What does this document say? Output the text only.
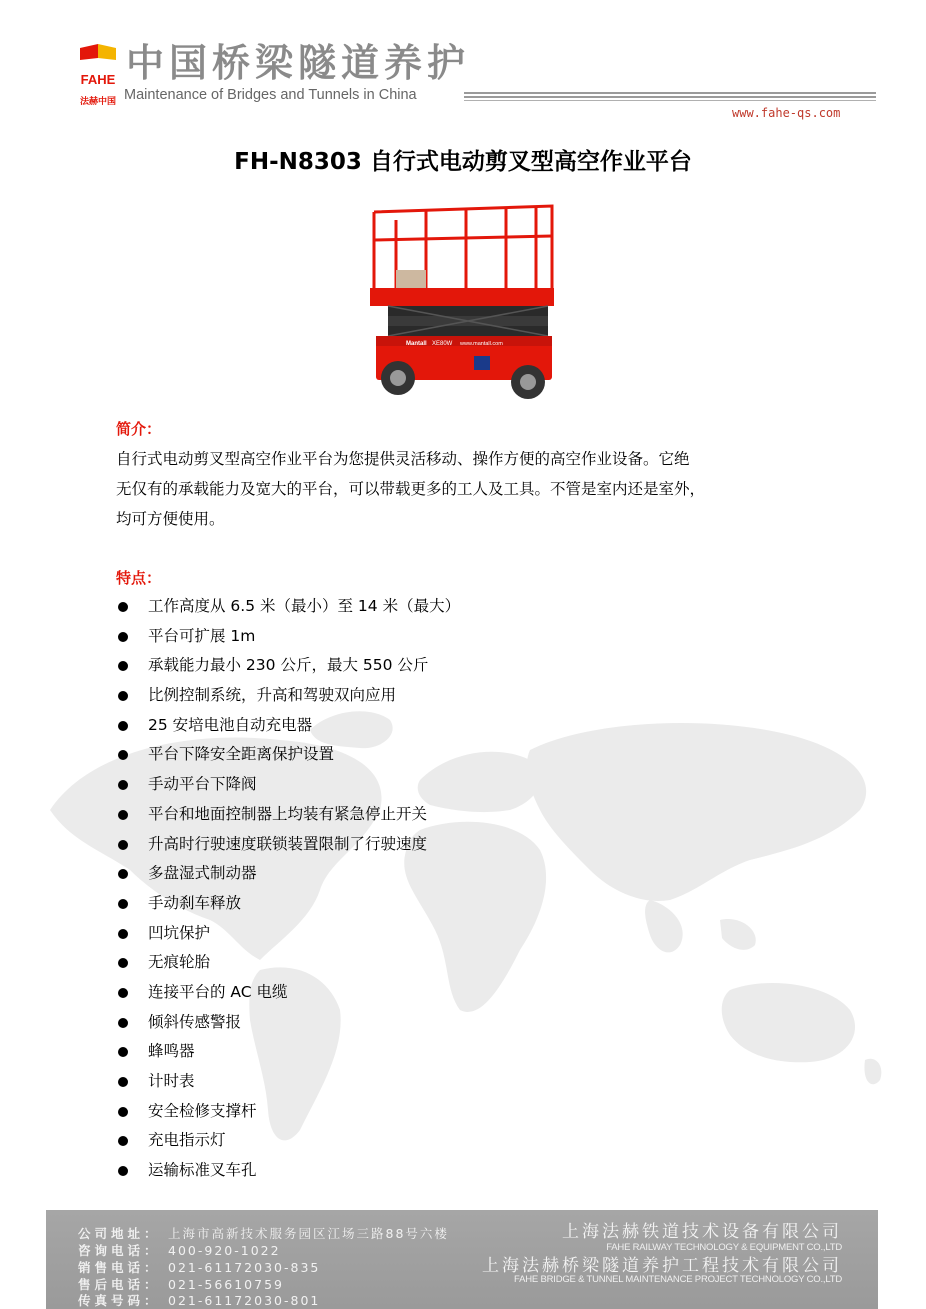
FAHE
法赫中国
中国桥梁隧道养护
Maintenance of Bridges and Tunnels in China
www.fahe-qs.com
FH-N8303 自行式电动剪叉型高空作业平台
Mantall XE80W www.mantall.com
简介：
自行式电动剪叉型高空作业平台为您提供灵活移动、操作方便的高空作业设备。它绝
无仅有的承载能力及宽大的平台，可以带载更多的工人及工具。不管是室内还是室外，
均可方便使用。
特点：
工作高度从 6.5 米（最小）至 14 米（最大）
平台可扩展 1m
承载能力最小 230 公斤，最大 550 公斤
比例控制系统，升高和驾驶双向应用
25 安培电池自动充电器
平台下降安全距离保护设置
手动平台下降阀
平台和地面控制器上均装有紧急停止开关
升高时行驶速度联锁装置限制了行驶速度
多盘湿式制动器
手动刹车释放
凹坑保护
无痕轮胎
连接平台的 AC 电缆
倾斜传感警报
蜂鸣器
计时表
安全检修支撑杆
充电指示灯
运输标准叉车孔
公司地址： 上海市高新技术服务园区江场三路88号六楼
咨询电话： 400-920-1022
销售电话： 021-61172030-835
售后电话： 021-56610759
传真号码： 021-61172030-801
上海法赫铁道技术设备有限公司
FAHE RAILWAY TECHNOLOGY & EQUIPMENT CO.,LTD
上海法赫桥梁隧道养护工程技术有限公司
FAHE BRIDGE & TUNNEL MAINTENANCE PROJECT TECHNOLOGY CO.,LTD
